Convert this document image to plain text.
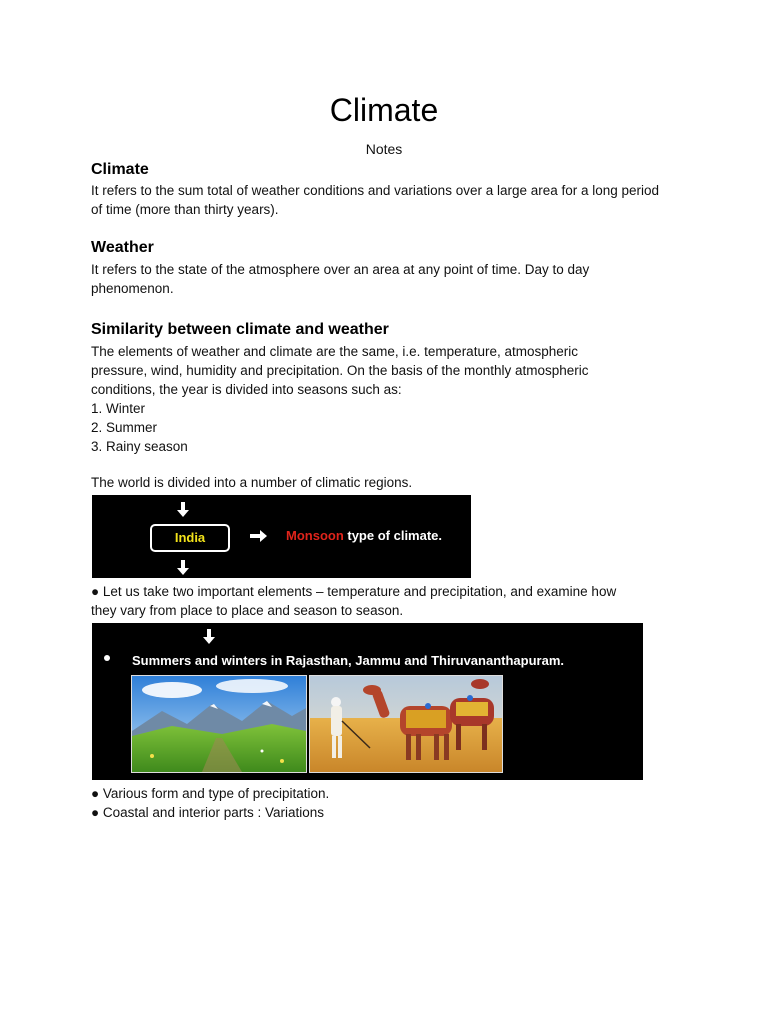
Climate
Notes
Climate

It refers to the sum total of weather conditions and variations over a large area for a long period

of time (more than thirty years).

Weather

It refers to the state of the atmosphere over an area at any point of time. Day to day

phenomenon.

Similarity between climate and weather

The elements of weather and climate are the same, i.e. temperature, atmospheric

pressure, wind, humidity and precipitation. On the basis of the monthly atmospheric

conditions, the year is divided into seasons such as:

1. Winter

2. Summer

3. Rainy season

The world is divided into a number of climatic regions.
India	Monsoon type of climate.

● Let us take two important elements – temperature and precipitation, and examine how

they vary from place to place and season to season.

Summers and winters in Rajasthan, Jammu and Thiruvananthapuram.

● Various form and type of precipitation.

● Coastal and interior parts : Variations
